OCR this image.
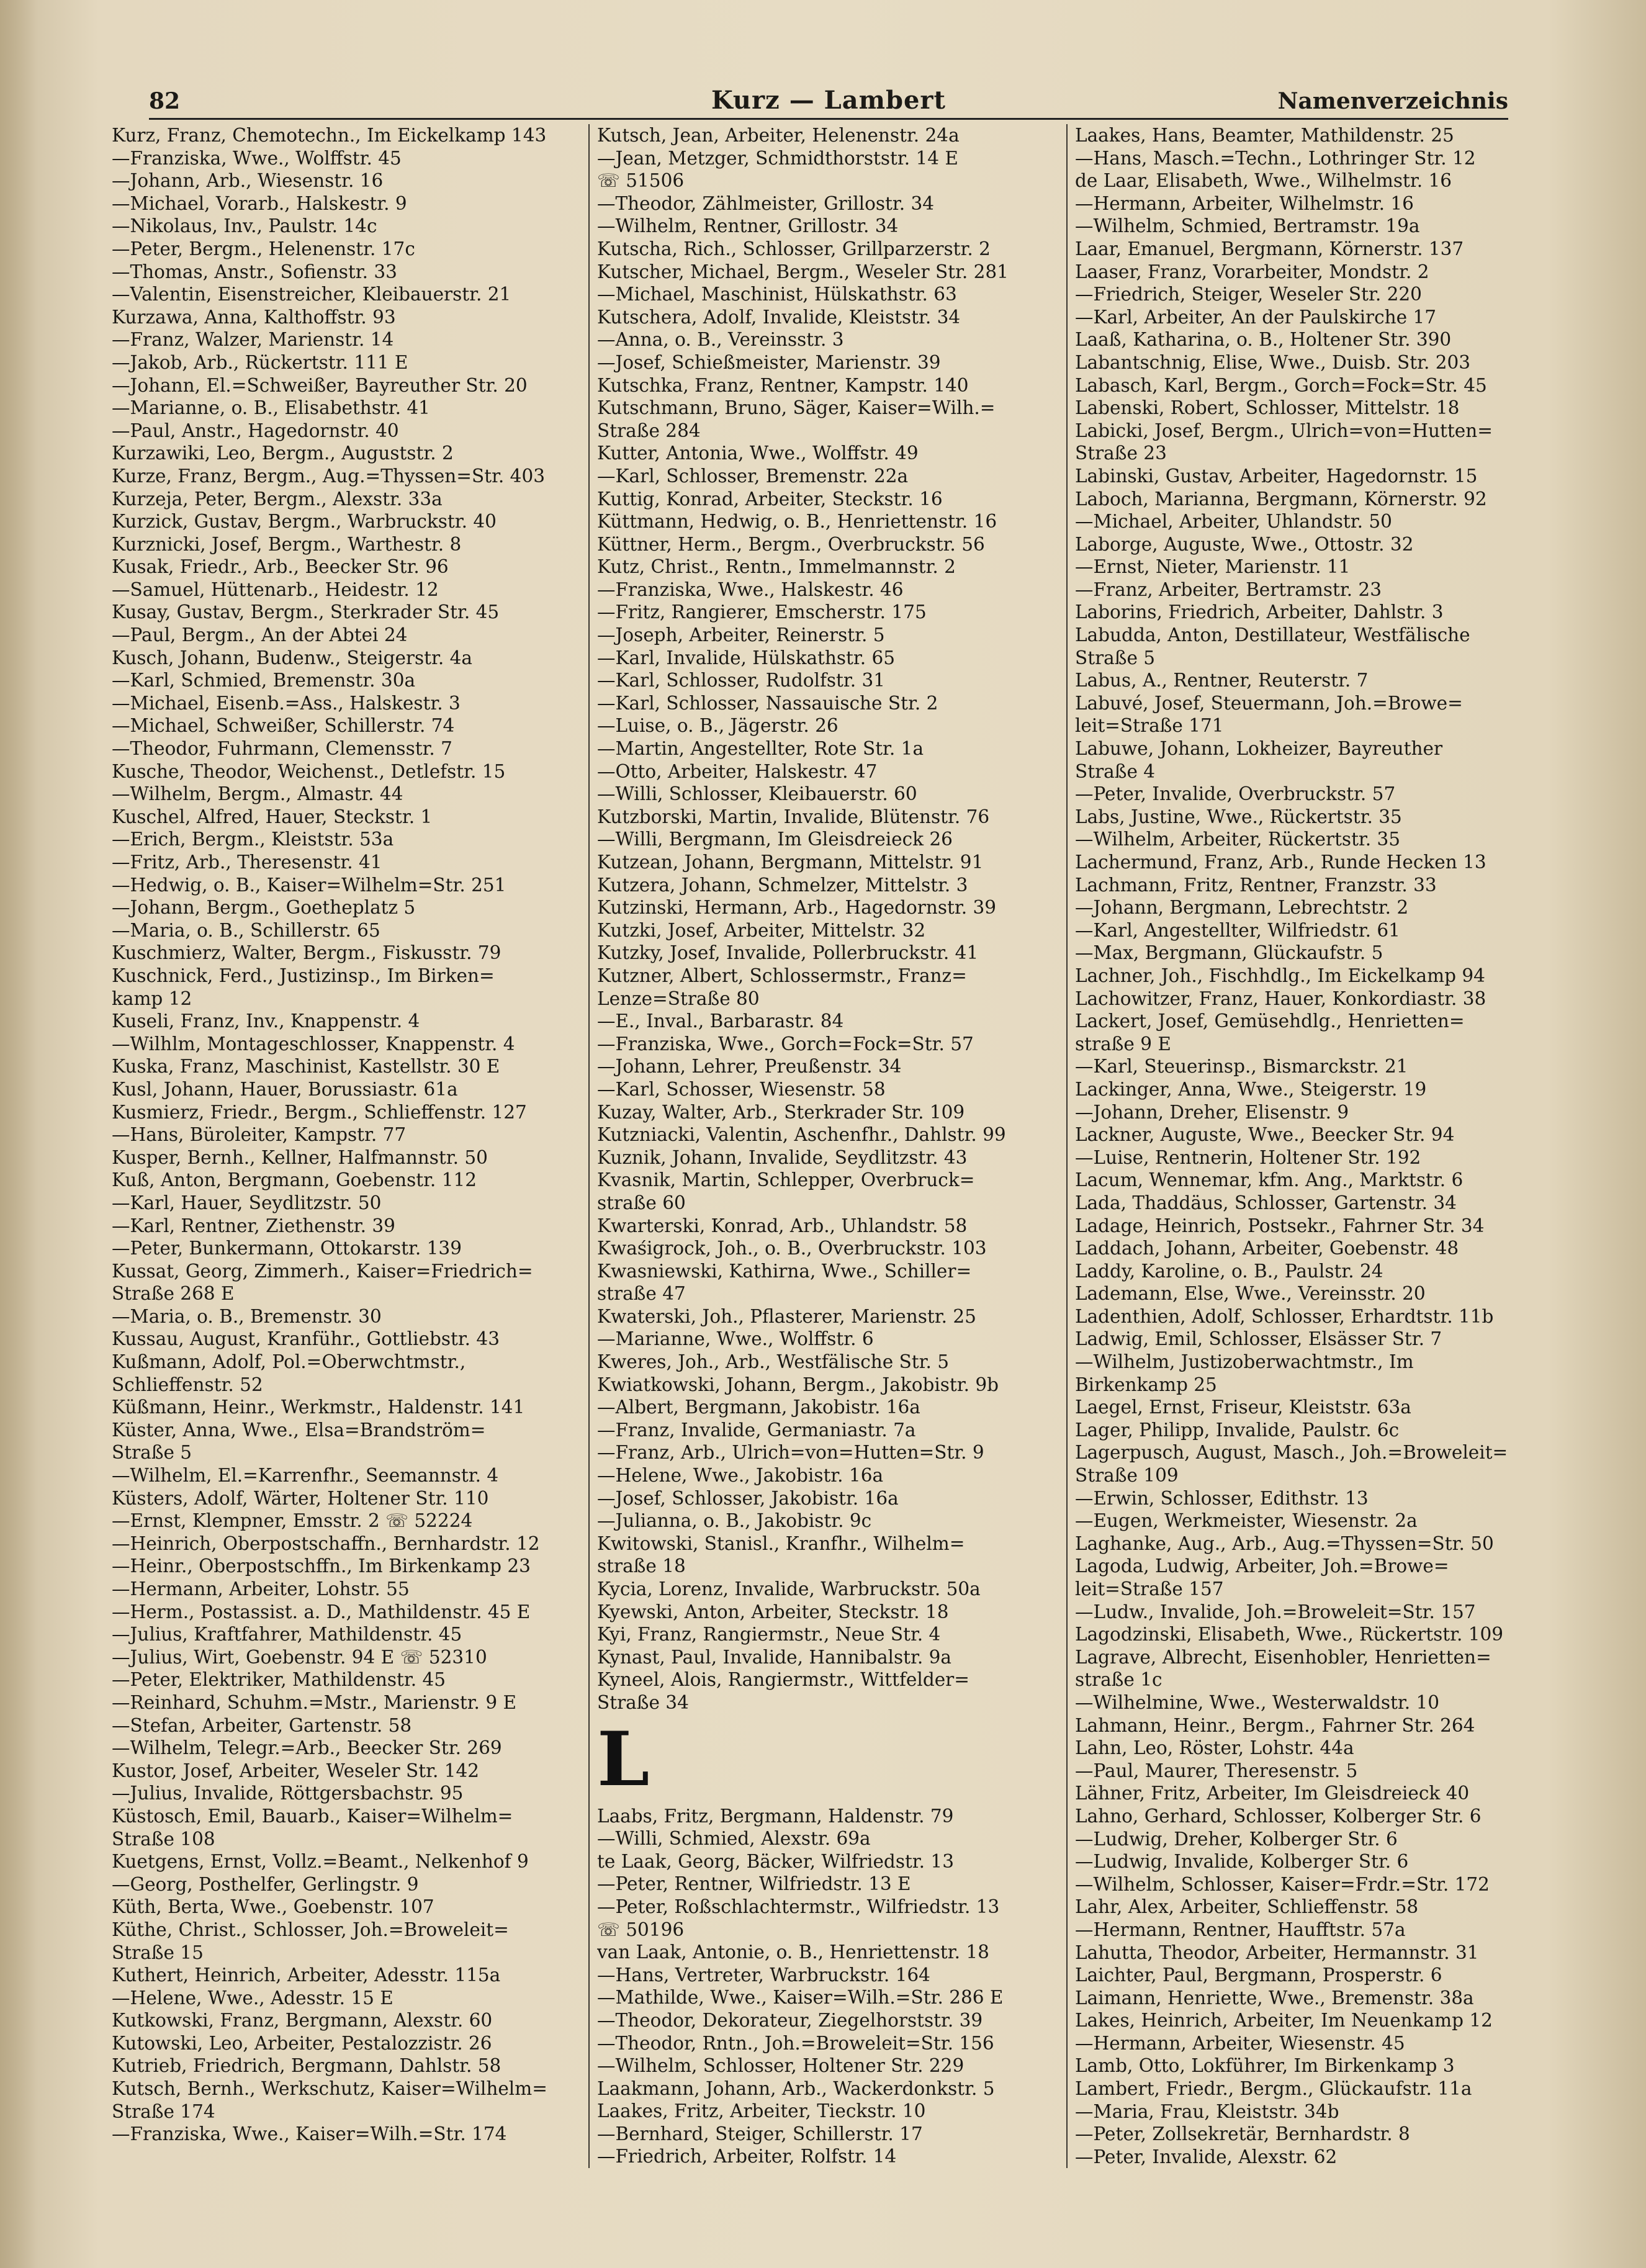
82	Kurz — Lambert	Namenverzeichnis
Kurz, Franz, Chemotechn., Im Eickelkamp 143
—Franziska, Wwe., Wolffstr. 45
—Johann, Arb., Wiesenstr. 16
—Michael, Vorarb., Halskestr. 9
—Nikolaus, Inv., Paulstr. 14c
—Peter, Bergm., Helenenstr. 17c
—Thomas, Anstr., Sofienstr. 33
—Valentin, Eisenstreicher, Kleibauerstr. 21
Kurzawa, Anna, Kalthoffstr. 93
—Franz, Walzer, Marienstr. 14
—Jakob, Arb., Rückertstr. 111 E
—Johann, El.=Schweißer, Bayreuther Str. 20
—Marianne, o. B., Elisabethstr. 41
—Paul, Anstr., Hagedornstr. 40
Kurzawiki, Leo, Bergm., Auguststr. 2
Kurze, Franz, Bergm., Aug.=Thyssen=Str. 403
Kurzeja, Peter, Bergm., Alexstr. 33a
Kurzick, Gustav, Bergm., Warbruckstr. 40
Kurznicki, Josef, Bergm., Warthestr. 8
Kusak, Friedr., Arb., Beecker Str. 96
—Samuel, Hüttenarb., Heidestr. 12
Kusay, Gustav, Bergm., Sterkrader Str. 45
—Paul, Bergm., An der Abtei 24
Kusch, Johann, Budenw., Steigerstr. 4a
—Karl, Schmied, Bremenstr. 30a
—Michael, Eisenb.=Ass., Halskestr. 3
—Michael, Schweißer, Schillerstr. 74
—Theodor, Fuhrmann, Clemensstr. 7
Kusche, Theodor, Weichenst., Detlefstr. 15
—Wilhelm, Bergm., Almastr. 44
Kuschel, Alfred, Hauer, Steckstr. 1
—Erich, Bergm., Kleiststr. 53a
—Fritz, Arb., Theresenstr. 41
—Hedwig, o. B., Kaiser=Wilhelm=Str. 251
—Johann, Bergm., Goetheplatz 5
—Maria, o. B., Schillerstr. 65
Kuschmierz, Walter, Bergm., Fiskusstr. 79
Kuschnick, Ferd., Justizinsp., Im Birken=
kamp 12
Kuseli, Franz, Inv., Knappenstr. 4
—Wilhlm, Montageschlosser, Knappenstr. 4
Kuska, Franz, Maschinist, Kastellstr. 30 E
Kusl, Johann, Hauer, Borussiastr. 61a
Kusmierz, Friedr., Bergm., Schlieffenstr. 127
—Hans, Büroleiter, Kampstr. 77
Kusper, Bernh., Kellner, Halfmannstr. 50
Kuß, Anton, Bergmann, Goebenstr. 112
—Karl, Hauer, Seydlitzstr. 50
—Karl, Rentner, Ziethenstr. 39
—Peter, Bunkermann, Ottokarstr. 139
Kussat, Georg, Zimmerh., Kaiser=Friedrich=
Straße 268 E
—Maria, o. B., Bremenstr. 30
Kussau, August, Kranführ., Gottliebstr. 43
Kußmann, Adolf, Pol.=Oberwchtmstr.,
Schlieffenstr. 52
Küßmann, Heinr., Werkmstr., Haldenstr. 141
Küster, Anna, Wwe., Elsa=Brandström=
Straße 5
—Wilhelm, El.=Karrenfhr., Seemannstr. 4
Küsters, Adolf, Wärter, Holtener Str. 110
—Ernst, Klempner, Emsstr. 2 ☏ 52224
—Heinrich, Oberpostschaffn., Bernhardstr. 12
—Heinr., Oberpostschffn., Im Birkenkamp 23
—Hermann, Arbeiter, Lohstr. 55
—Herm., Postassist. a. D., Mathildenstr. 45 E
—Julius, Kraftfahrer, Mathildenstr. 45
—Julius, Wirt, Goebenstr. 94 E ☏ 52310
—Peter, Elektriker, Mathildenstr. 45
—Reinhard, Schuhm.=Mstr., Marienstr. 9 E
—Stefan, Arbeiter, Gartenstr. 58
—Wilhelm, Telegr.=Arb., Beecker Str. 269
Kustor, Josef, Arbeiter, Weseler Str. 142
—Julius, Invalide, Röttgersbachstr. 95
Küstosch, Emil, Bauarb., Kaiser=Wilhelm=
Straße 108
Kuetgens, Ernst, Vollz.=Beamt., Nelkenhof 9
—Georg, Posthelfer, Gerlingstr. 9
Küth, Berta, Wwe., Goebenstr. 107
Küthe, Christ., Schlosser, Joh.=Broweleit=
Straße 15
Kuthert, Heinrich, Arbeiter, Adesstr. 115a
—Helene, Wwe., Adesstr. 15 E
Kutkowski, Franz, Bergmann, Alexstr. 60
Kutowski, Leo, Arbeiter, Pestalozzistr. 26
Kutrieb, Friedrich, Bergmann, Dahlstr. 58
Kutsch, Bernh., Werkschutz, Kaiser=Wilhelm=
Straße 174
—Franziska, Wwe., Kaiser=Wilh.=Str. 174
Kutsch, Jean, Arbeiter, Helenenstr. 24a
—Jean, Metzger, Schmidthorststr. 14 E
☏ 51506
—Theodor, Zählmeister, Grillostr. 34
—Wilhelm, Rentner, Grillostr. 34
Kutscha, Rich., Schlosser, Grillparzerstr. 2
Kutscher, Michael, Bergm., Weseler Str. 281
—Michael, Maschinist, Hülskathstr. 63
Kutschera, Adolf, Invalide, Kleiststr. 34
—Anna, o. B., Vereinsstr. 3
—Josef, Schießmeister, Marienstr. 39
Kutschka, Franz, Rentner, Kampstr. 140
Kutschmann, Bruno, Säger, Kaiser=Wilh.=
Straße 284
Kutter, Antonia, Wwe., Wolffstr. 49
—Karl, Schlosser, Bremenstr. 22a
Kuttig, Konrad, Arbeiter, Steckstr. 16
Küttmann, Hedwig, o. B., Henriettenstr. 16
Küttner, Herm., Bergm., Overbruckstr. 56
Kutz, Christ., Rentn., Immelmannstr. 2
—Franziska, Wwe., Halskestr. 46
—Fritz, Rangierer, Emscherstr. 175
—Joseph, Arbeiter, Reinerstr. 5
—Karl, Invalide, Hülskathstr. 65
—Karl, Schlosser, Rudolfstr. 31
—Karl, Schlosser, Nassauische Str. 2
—Luise, o. B., Jägerstr. 26
—Martin, Angestellter, Rote Str. 1a
—Otto, Arbeiter, Halskestr. 47
—Willi, Schlosser, Kleibauerstr. 60
Kutzborski, Martin, Invalide, Blütenstr. 76
—Willi, Bergmann, Im Gleisdreieck 26
Kutzean, Johann, Bergmann, Mittelstr. 91
Kutzera, Johann, Schmelzer, Mittelstr. 3
Kutzinski, Hermann, Arb., Hagedornstr. 39
Kutzki, Josef, Arbeiter, Mittelstr. 32
Kutzky, Josef, Invalide, Pollerbruckstr. 41
Kutzner, Albert, Schlossermstr., Franz=
Lenze=Straße 80
—E., Inval., Barbarastr. 84
—Franziska, Wwe., Gorch=Fock=Str. 57
—Johann, Lehrer, Preußenstr. 34
—Karl, Schosser, Wiesenstr. 58
Kuzay, Walter, Arb., Sterkrader Str. 109
Kutzniacki, Valentin, Aschenfhr., Dahlstr. 99
Kuznik, Johann, Invalide, Seydlitzstr. 43
Kvasnik, Martin, Schlepper, Overbruck=
straße 60
Kwarterski, Konrad, Arb., Uhlandstr. 58
Kwaśigrock, Joh., o. B., Overbruckstr. 103
Kwasniewski, Kathirna, Wwe., Schiller=
straße 47
Kwaterski, Joh., Pflasterer, Marienstr. 25
—Marianne, Wwe., Wolffstr. 6
Kweres, Joh., Arb., Westfälische Str. 5
Kwiatkowski, Johann, Bergm., Jakobistr. 9b
—Albert, Bergmann, Jakobistr. 16a
—Franz, Invalide, Germaniastr. 7a
—Franz, Arb., Ulrich=von=Hutten=Str. 9
—Helene, Wwe., Jakobistr. 16a
—Josef, Schlosser, Jakobistr. 16a
—Julianna, o. B., Jakobistr. 9c
Kwitowski, Stanisl., Kranfhr., Wilhelm=
straße 18
Kycia, Lorenz, Invalide, Warbruckstr. 50a
Kyewski, Anton, Arbeiter, Steckstr. 18
Kyi, Franz, Rangiermstr., Neue Str. 4
Kynast, Paul, Invalide, Hannibalstr. 9a
Kyneel, Alois, Rangiermstr., Wittfelder=
Straße 34
L
Laabs, Fritz, Bergmann, Haldenstr. 79
—Willi, Schmied, Alexstr. 69a
te Laak, Georg, Bäcker, Wilfriedstr. 13
—Peter, Rentner, Wilfriedstr. 13 E
—Peter, Roßschlachtermstr., Wilfriedstr. 13
☏ 50196
van Laak, Antonie, o. B., Henriettenstr. 18
—Hans, Vertreter, Warbruckstr. 164
—Mathilde, Wwe., Kaiser=Wilh.=Str. 286 E
—Theodor, Dekorateur, Ziegelhorststr. 39
—Theodor, Rntn., Joh.=Broweleit=Str. 156
—Wilhelm, Schlosser, Holtener Str. 229
Laakmann, Johann, Arb., Wackerdonkstr. 5
Laakes, Fritz, Arbeiter, Tieckstr. 10
—Bernhard, Steiger, Schillerstr. 17
—Friedrich, Arbeiter, Rolfstr. 14
Laakes, Hans, Beamter, Mathildenstr. 25
—Hans, Masch.=Techn., Lothringer Str. 12
de Laar, Elisabeth, Wwe., Wilhelmstr. 16
—Hermann, Arbeiter, Wilhelmstr. 16
—Wilhelm, Schmied, Bertramstr. 19a
Laar, Emanuel, Bergmann, Körnerstr. 137
Laaser, Franz, Vorarbeiter, Mondstr. 2
—Friedrich, Steiger, Weseler Str. 220
—Karl, Arbeiter, An der Paulskirche 17
Laaß, Katharina, o. B., Holtener Str. 390
Labantschnig, Elise, Wwe., Duisb. Str. 203
Labasch, Karl, Bergm., Gorch=Fock=Str. 45
Labenski, Robert, Schlosser, Mittelstr. 18
Labicki, Josef, Bergm., Ulrich=von=Hutten=
Straße 23
Labinski, Gustav, Arbeiter, Hagedornstr. 15
Laboch, Marianna, Bergmann, Körnerstr. 92
—Michael, Arbeiter, Uhlandstr. 50
Laborge, Auguste, Wwe., Ottostr. 32
—Ernst, Nieter, Marienstr. 11
—Franz, Arbeiter, Bertramstr. 23
Laborins, Friedrich, Arbeiter, Dahlstr. 3
Labudda, Anton, Destillateur, Westfälische
Straße 5
Labus, A., Rentner, Reuterstr. 7
Labuvé, Josef, Steuermann, Joh.=Browe=
leit=Straße 171
Labuwe, Johann, Lokheizer, Bayreuther
Straße 4
—Peter, Invalide, Overbruckstr. 57
Labs, Justine, Wwe., Rückertstr. 35
—Wilhelm, Arbeiter, Rückertstr. 35
Lachermund, Franz, Arb., Runde Hecken 13
Lachmann, Fritz, Rentner, Franzstr. 33
—Johann, Bergmann, Lebrechtstr. 2
—Karl, Angestellter, Wilfriedstr. 61
—Max, Bergmann, Glückaufstr. 5
Lachner, Joh., Fischhdlg., Im Eickelkamp 94
Lachowitzer, Franz, Hauer, Konkordiastr. 38
Lackert, Josef, Gemüsehdlg., Henrietten=
straße 9 E
—Karl, Steuerinsp., Bismarckstr. 21
Lackinger, Anna, Wwe., Steigerstr. 19
—Johann, Dreher, Elisenstr. 9
Lackner, Auguste, Wwe., Beecker Str. 94
—Luise, Rentnerin, Holtener Str. 192
Lacum, Wennemar, kfm. Ang., Marktstr. 6
Lada, Thaddäus, Schlosser, Gartenstr. 34
Ladage, Heinrich, Postsekr., Fahrner Str. 34
Laddach, Johann, Arbeiter, Goebenstr. 48
Laddy, Karoline, o. B., Paulstr. 24
Lademann, Else, Wwe., Vereinsstr. 20
Ladenthien, Adolf, Schlosser, Erhardtstr. 11b
Ladwig, Emil, Schlosser, Elsässer Str. 7
—Wilhelm, Justizoberwachtmstr., Im
Birkenkamp 25
Laegel, Ernst, Friseur, Kleiststr. 63a
Lager, Philipp, Invalide, Paulstr. 6c
Lagerpusch, August, Masch., Joh.=Broweleit=
Straße 109
—Erwin, Schlosser, Edithstr. 13
—Eugen, Werkmeister, Wiesenstr. 2a
Laghanke, Aug., Arb., Aug.=Thyssen=Str. 50
Lagoda, Ludwig, Arbeiter, Joh.=Browe=
leit=Straße 157
—Ludw., Invalide, Joh.=Broweleit=Str. 157
Lagodzinski, Elisabeth, Wwe., Rückertstr. 109
Lagrave, Albrecht, Eisenhobler, Henrietten=
straße 1c
—Wilhelmine, Wwe., Westerwaldstr. 10
Lahmann, Heinr., Bergm., Fahrner Str. 264
Lahn, Leo, Röster, Lohstr. 44a
—Paul, Maurer, Theresenstr. 5
Lähner, Fritz, Arbeiter, Im Gleisdreieck 40
Lahno, Gerhard, Schlosser, Kolberger Str. 6
—Ludwig, Dreher, Kolberger Str. 6
—Ludwig, Invalide, Kolberger Str. 6
—Wilhelm, Schlosser, Kaiser=Frdr.=Str. 172
Lahr, Alex, Arbeiter, Schlieffenstr. 58
—Hermann, Rentner, Haufftstr. 57a
Lahutta, Theodor, Arbeiter, Hermannstr. 31
Laichter, Paul, Bergmann, Prosperstr. 6
Laimann, Henriette, Wwe., Bremenstr. 38a
Lakes, Heinrich, Arbeiter, Im Neuenkamp 12
—Hermann, Arbeiter, Wiesenstr. 45
Lamb, Otto, Lokführer, Im Birkenkamp 3
Lambert, Friedr., Bergm., Glückaufstr. 11a
—Maria, Frau, Kleiststr. 34b
—Peter, Zollsekretär, Bernhardstr. 8
—Peter, Invalide, Alexstr. 62
